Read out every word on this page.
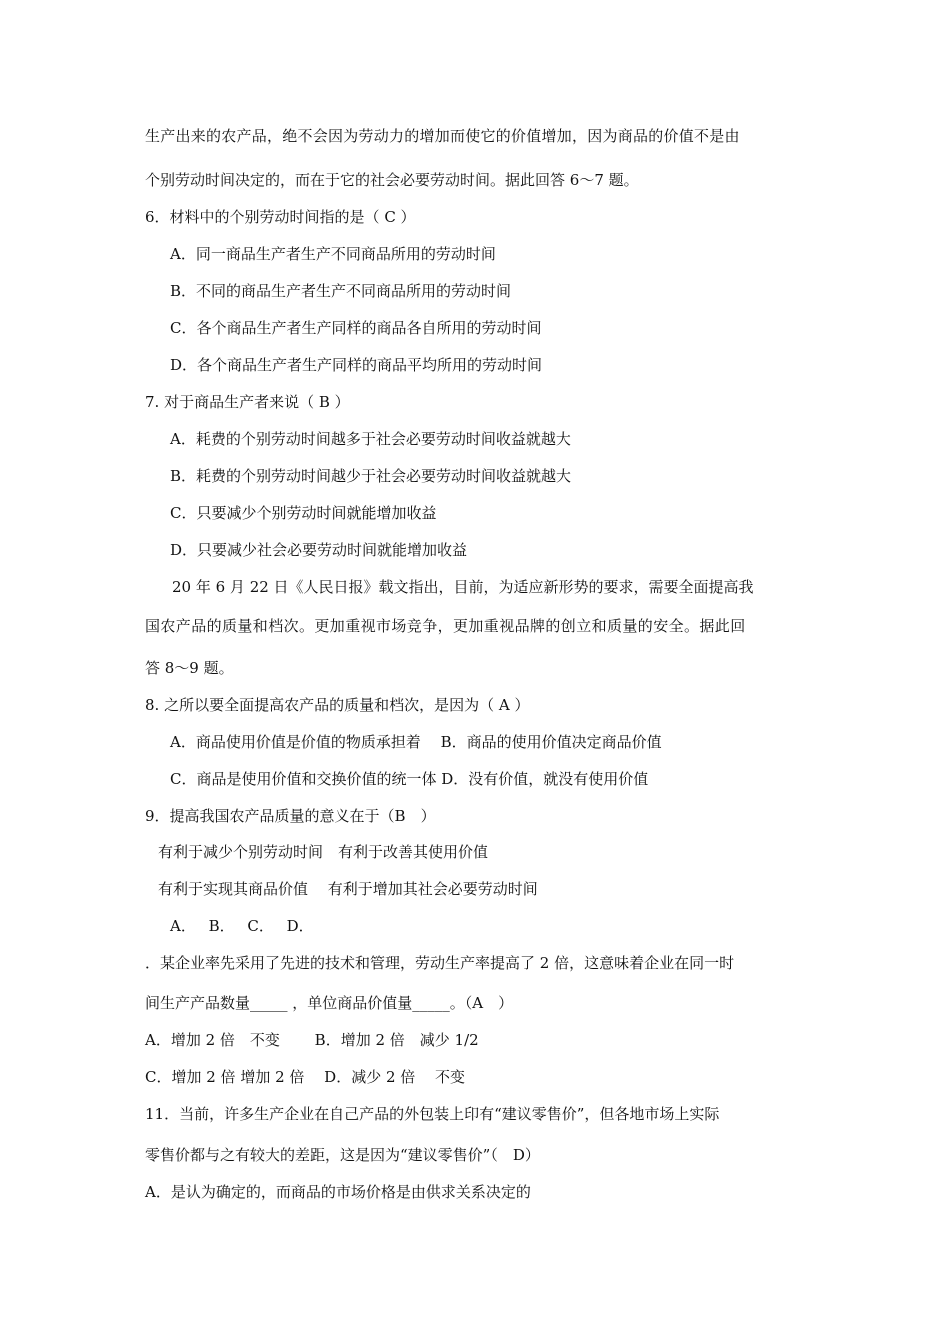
生产出来的农产品，绝不会因为劳动力的增加而使它的价值增加，因为商品的价值不是由
个别劳动时间决定的，而在于它的社会必要劳动时间。据此回答 6～7 题。
6．材料中的个别劳动时间指的是（ C ）
A．同一商品生产者生产不同商品所用的劳动时间
B．不同的商品生产者生产不同商品所用的劳动时间
C．各个商品生产者生产同样的商品各自所用的劳动时间
D．各个商品生产者生产同样的商品平均所用的劳动时间
7. 对于商品生产者来说（ B ）
A．耗费的个别劳动时间越多于社会必要劳动时间收益就越大
B．耗费的个别劳动时间越少于社会必要劳动时间收益就越大
C．只要减少个别劳动时间就能增加收益
D．只要减少社会必要劳动时间就能增加收益
20 年 6 月 22 日《人民日报》载文指出，目前，为适应新形势的要求，需要全面提高我
国农产品的质量和档次。更加重视市场竞争，更加重视品牌的创立和质量的安全。据此回
答 8～9 题。
8. 之所以要全面提高农产品的质量和档次，是因为（ A ）
A．商品使用价值是价值的物质承担着　 B．商品的使用价值决定商品价值
C．商品是使用价值和交换价值的统一体 D．没有价值，就没有使用价值
9．提高我国农产品质量的意义在于（B　）
有利于减少个别劳动时间　有利于改善其使用价值
有利于实现其商品价值　 有利于增加其社会必要劳动时间
A． B． C． D．
．某企业率先采用了先进的技术和管理，劳动生产率提高了 2 倍，这意味着企业在同一时
间生产产品数量_____ ，单位商品价值量_____。（A　）
A．增加 2 倍　不变　　 B．增加 2 倍　减少 1/2
C．增加 2 倍 增加 2 倍　 D．减少 2 倍　 不变
11．当前，许多生产企业在自己产品的外包装上印有“建议零售价”，但各地市场上实际
零售价都与之有较大的差距，这是因为“建议零售价”（　D）
A．是认为确定的，而商品的市场价格是由供求关系决定的
